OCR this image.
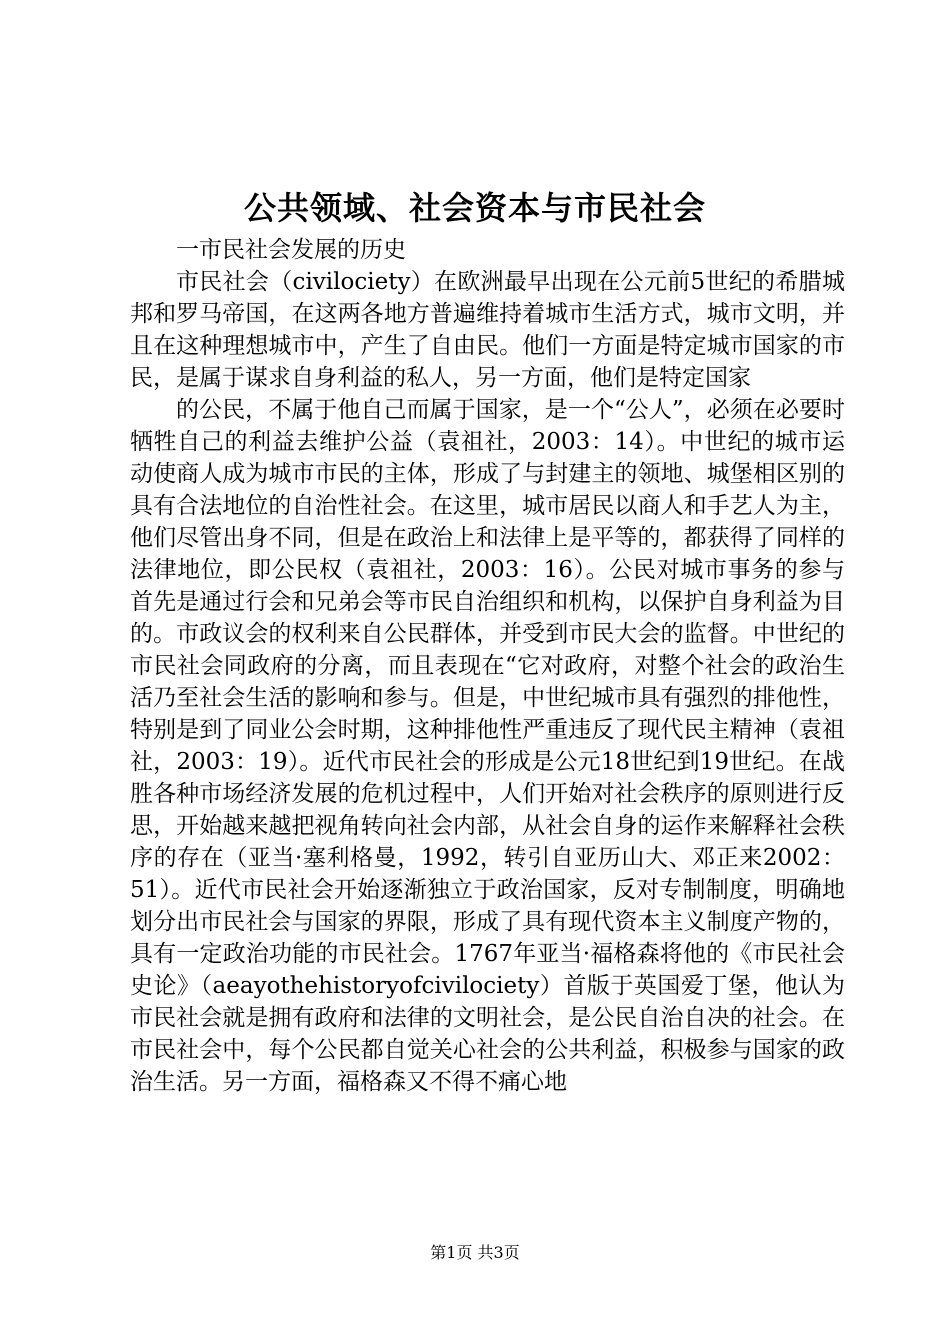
公共领域、社会资本与市民社会

一市民社会发展的历史

市民社会（civilociety）在欧洲最早出现在公元前5世纪的希腊城邦和罗马帝国，在这两各地方普遍维持着城市生活方式，城市文明，并且在这种理想城市中，产生了自由民。他们一方面是特定城市国家的市民，是属于谋求自身利益的私人，另一方面，他们是特定国家

的公民，不属于他自己而属于国家，是一个“公人”，必须在必要时牺牲自己的利益去维护公益（袁祖社，2003：14）。中世纪的城市运动使商人成为城市市民的主体，形成了与封建主的领地、城堡相区别的具有合法地位的自治性社会。在这里，城市居民以商人和手艺人为主，他们尽管出身不同，但是在政治上和法律上是平等的，都获得了同样的法律地位，即公民权（袁祖社，2003：16）。公民对城市事务的参与首先是通过行会和兄弟会等市民自治组织和机构，以保护自身利益为目的。市政议会的权利来自公民群体，并受到市民大会的监督。中世纪的市民社会同政府的分离，而且表现在“它对政府，对整个社会的政治生活乃至社会生活的影响和参与。但是，中世纪城市具有强烈的排他性，特别是到了同业公会时期，这种排他性严重违反了现代民主精神（袁祖社，2003：19）。近代市民社会的形成是公元18世纪到19世纪。在战胜各种市场经济发展的危机过程中，人们开始对社会秩序的原则进行反思，开始越来越把视角转向社会内部，从社会自身的运作来解释社会秩序的存在（亚当·塞利格曼，1992，转引自亚历山大、邓正来2002：51）。近代市民社会开始逐渐独立于政治国家，反对专制制度，明确地划分出市民社会与国家的界限，形成了具有现代资本主义制度产物的，具有一定政治功能的市民社会。1767年亚当·福格森将他的《市民社会史论》（aeayothehistoryofcivilociety）首版于英国爱丁堡，他认为市民社会就是拥有政府和法律的文明社会，是公民自治自决的社会。在市民社会中，每个公民都自觉关心社会的公共利益，积极参与国家的政治生活。另一方面，福格森又不得不痛心地

第1页 共3页
